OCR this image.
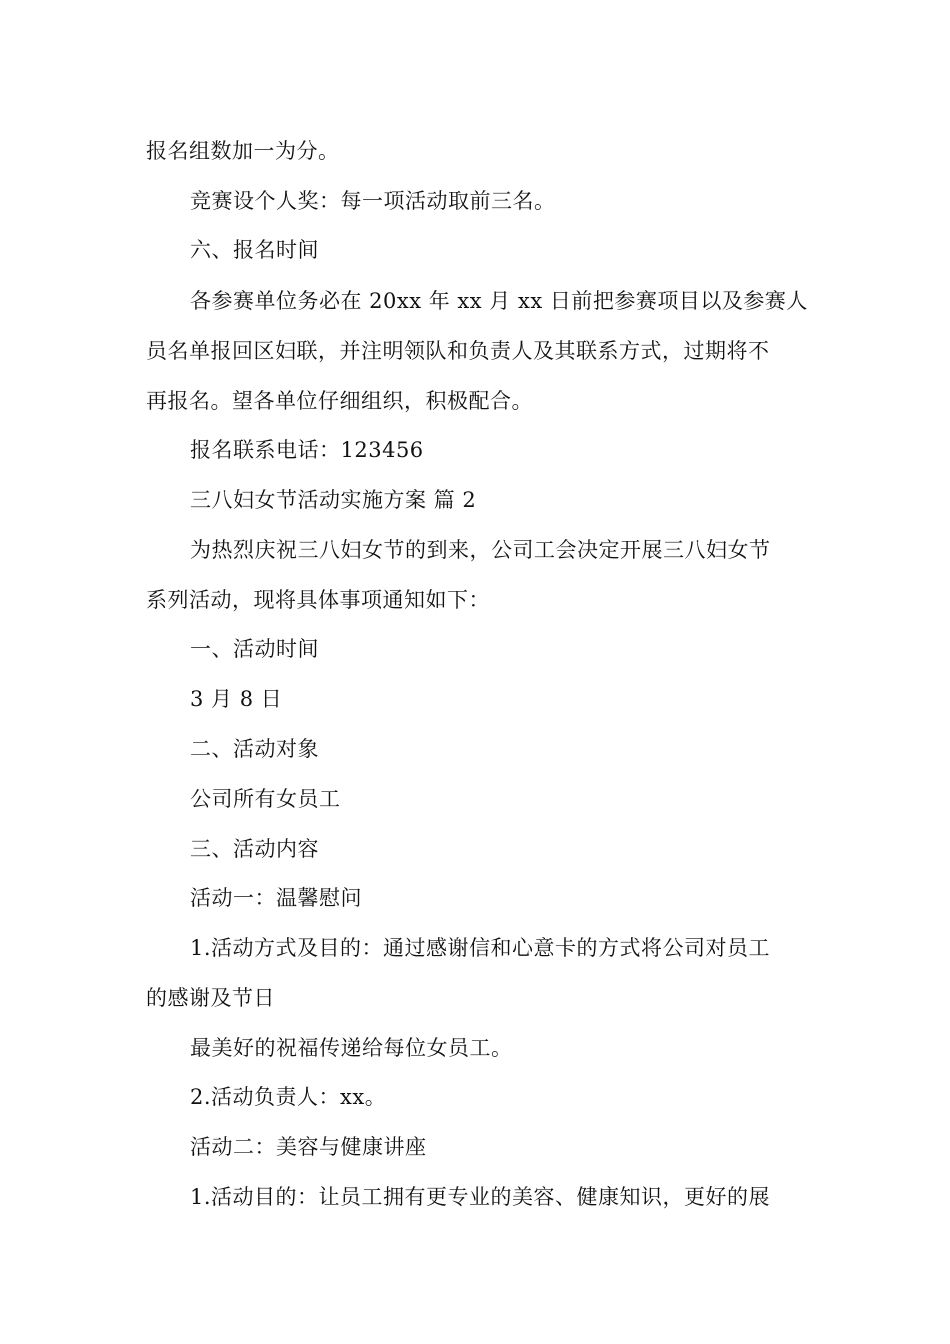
报名组数加一为分。
竞赛设个人奖：每一项活动取前三名。
六、报名时间
各参赛单位务必在 20xx 年 xx 月 xx 日前把参赛项目以及参赛人
员名单报回区妇联，并注明领队和负责人及其联系方式，过期将不
再报名。望各单位仔细组织，积极配合。
报名联系电话：123456
三八妇女节活动实施方案 篇 2
为热烈庆祝三八妇女节的到来，公司工会决定开展三八妇女节
系列活动，现将具体事项通知如下：
一、活动时间
3 月 8 日
二、活动对象
公司所有女员工
三、活动内容
活动一：温馨慰问
1.活动方式及目的：通过感谢信和心意卡的方式将公司对员工
的感谢及节日
最美好的祝福传递给每位女员工。
2.活动负责人：xx。
活动二：美容与健康讲座
1.活动目的：让员工拥有更专业的美容、健康知识，更好的展
